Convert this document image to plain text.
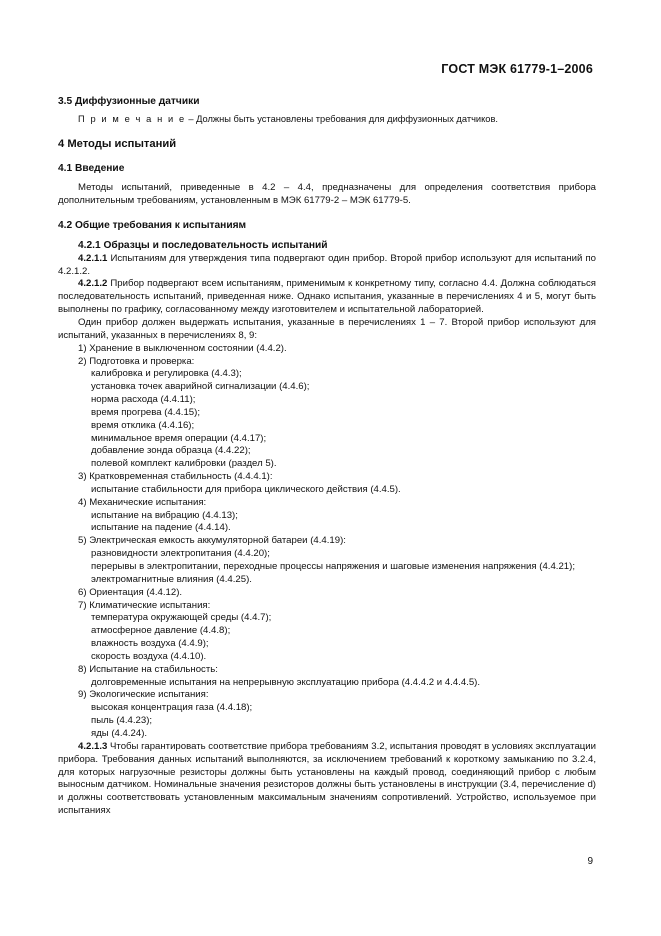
ГОСТ МЭК 61779-1–2006

3.5 Диффузионные датчики

П р и м е ч а н и е – Должны быть установлены требования для диффузионных датчиков.

4 Методы испытаний

4.1 Введение

Методы испытаний, приведенные в 4.2 – 4.4, предназначены для определения соответствия прибора дополнительным требованиям, установленным в МЭК 61779-2 – МЭК 61779-5.

4.2 Общие требования к испытаниям

4.2.1 Образцы и последовательность испытаний

4.2.1.1 Испытаниям для утверждения типа подвергают один прибор. Второй прибор используют для испытаний по 4.2.1.2.

4.2.1.2 Прибор подвергают всем испытаниям, применимым к конкретному типу, согласно 4.4. Должна соблюдаться последовательность испытаний, приведенная ниже. Однако испытания, указанные в перечислениях 4 и 5, могут быть выполнены по графику, согласованному между изготовителем и испытательной лабораторией.

Один прибор должен выдержать испытания, указанные в перечислениях 1 – 7. Второй прибор используют для испытаний, указанных в перечислениях 8, 9:

1) Хранение в выключенном состоянии (4.4.2).

2) Подготовка и проверка:

калибровка и регулировка (4.4.3);

установка точек аварийной сигнализации (4.4.6);

норма расхода (4.4.11);

время прогрева (4.4.15);

время отклика (4.4.16);

минимальное время операции (4.4.17);

добавление зонда образца (4.4.22);

полевой комплект калибровки (раздел 5).

3) Кратковременная стабильность (4.4.4.1):

испытание стабильности для прибора циклического действия (4.4.5).

4) Механические испытания:

испытание на вибрацию (4.4.13);

испытание на падение (4.4.14).

5) Электрическая емкость аккумуляторной батареи (4.4.19):

разновидности электропитания (4.4.20);

перерывы в электропитании, переходные процессы напряжения и шаговые изменения напряжения (4.4.21);

электромагнитные влияния (4.4.25).

6) Ориентация (4.4.12).

7) Климатические испытания:

температура окружающей среды (4.4.7);

атмосферное давление (4.4.8);

влажность воздуха (4.4.9);

скорость воздуха (4.4.10).

8) Испытание на стабильность:

долговременные испытания на непрерывную эксплуатацию прибора (4.4.4.2 и 4.4.4.5).

9) Экологические испытания:

высокая концентрация газа (4.4.18);

пыль (4.4.23);

яды (4.4.24).

4.2.1.3 Чтобы гарантировать соответствие прибора требованиям 3.2, испытания проводят в условиях эксплуатации прибора. Требования данных испытаний выполняются, за исключением требований к короткому замыканию по 3.2.4, для которых нагрузочные резисторы должны быть установлены на каждый провод, соединяющий прибор с любым выносным датчиком. Номинальные значения резисторов должны быть установлены в инструкции (3.4, перечисление d) и должны соответствовать установленным максимальным значениям сопротивлений. Устройство, используемое при испытаниях

9
